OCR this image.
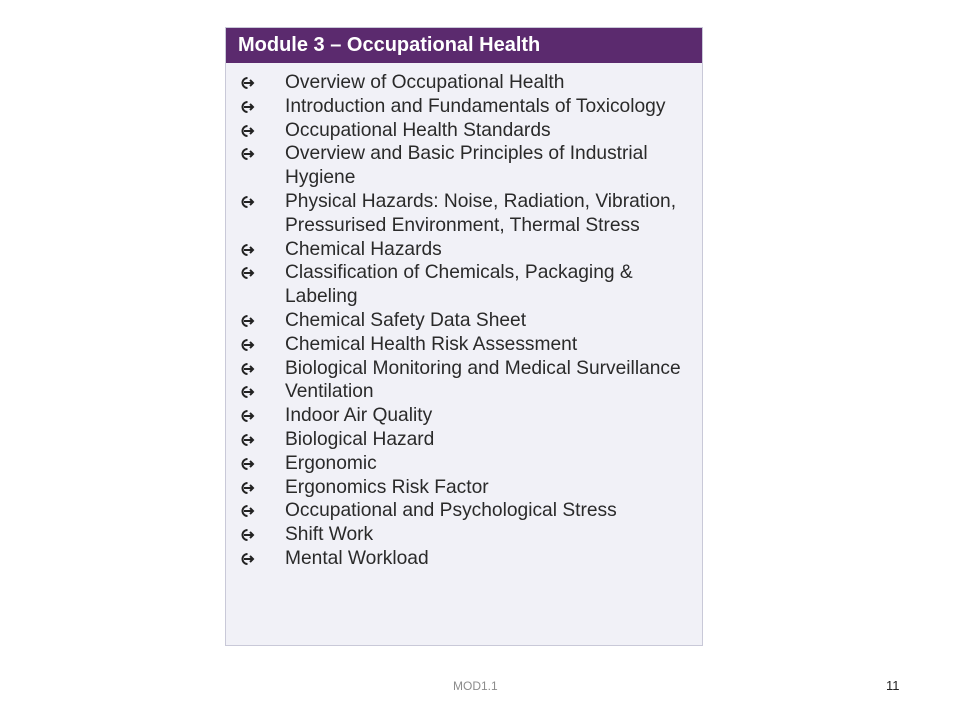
Module 3 – Occupational Health
Overview of Occupational Health
Introduction and Fundamentals of Toxicology
Occupational Health Standards
Overview and Basic Principles of Industrial Hygiene
Physical Hazards: Noise, Radiation, Vibration, Pressurised Environment, Thermal Stress
Chemical Hazards
Classification of Chemicals, Packaging & Labeling
Chemical Safety Data Sheet
Chemical Health Risk Assessment
Biological Monitoring and Medical Surveillance
Ventilation
Indoor Air Quality
Biological Hazard
Ergonomic
Ergonomics Risk Factor
Occupational and Psychological Stress
Shift Work
Mental Workload
MOD1.1	11
